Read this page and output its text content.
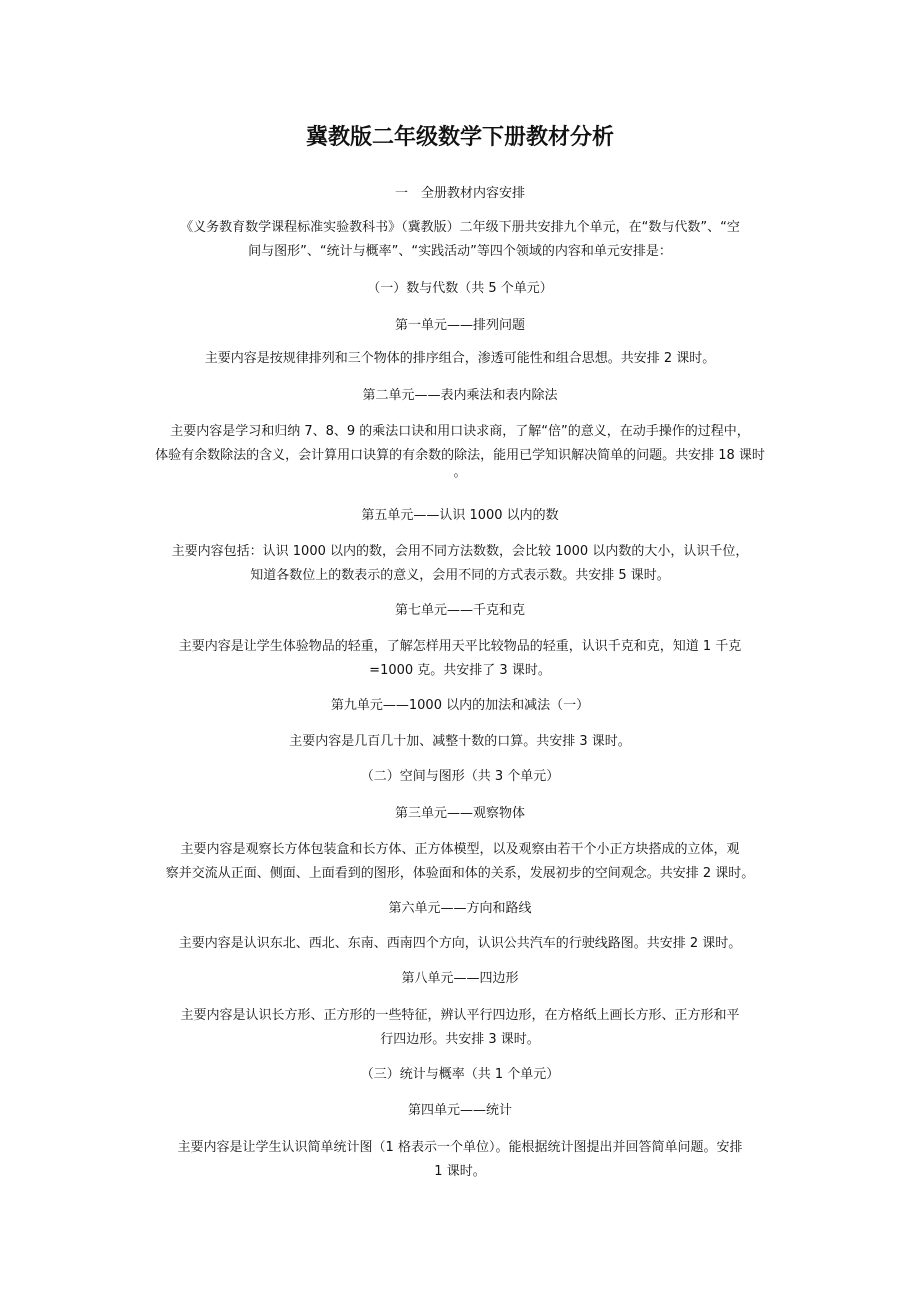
冀教版二年级数学下册教材分析
一　全册教材内容安排
《义务教育数学课程标准实验教科书》（冀教版）二年级下册共安排九个单元，在“数与代数”、“空
间与图形”、“统计与概率”、“实践活动”等四个领域的内容和单元安排是：
（一）数与代数（共 5 个单元）
第一单元——排列问题
主要内容是按规律排列和三个物体的排序组合，渗透可能性和组合思想。共安排 2 课时。
第二单元——表内乘法和表内除法
主要内容是学习和归纳 7、8、9 的乘法口诀和用口诀求商，了解“倍”的意义，在动手操作的过程中，
体验有余数除法的含义，会计算用口诀算的有余数的除法，能用已学知识解决简单的问题。共安排 18 课时
。
第五单元——认识 1000 以内的数
主要内容包括：认识 1000 以内的数，会用不同方法数数，会比较 1000 以内数的大小，认识千位，
知道各数位上的数表示的意义，会用不同的方式表示数。共安排 5 课时。
第七单元——千克和克
主要内容是让学生体验物品的轻重，了解怎样用天平比较物品的轻重，认识千克和克，知道 1 千克
=1000 克。共安排了 3 课时。
第九单元——1000 以内的加法和减法（一）
主要内容是几百几十加、减整十数的口算。共安排 3 课时。
（二）空间与图形（共 3 个单元）
第三单元——观察物体
主要内容是观察长方体包装盒和长方体、正方体模型，以及观察由若干个小正方块搭成的立体，观
察并交流从正面、侧面、上面看到的图形，体验面和体的关系，发展初步的空间观念。共安排 2 课时。
第六单元——方向和路线
主要内容是认识东北、西北、东南、西南四个方向，认识公共汽车的行驶线路图。共安排 2 课时。
第八单元——四边形
主要内容是认识长方形、正方形的一些特征，辨认平行四边形，在方格纸上画长方形、正方形和平
行四边形。共安排 3 课时。
（三）统计与概率（共 1 个单元）
第四单元——统计
主要内容是让学生认识简单统计图（1 格表示一个单位）。能根据统计图提出并回答简单问题。安排
1 课时。
